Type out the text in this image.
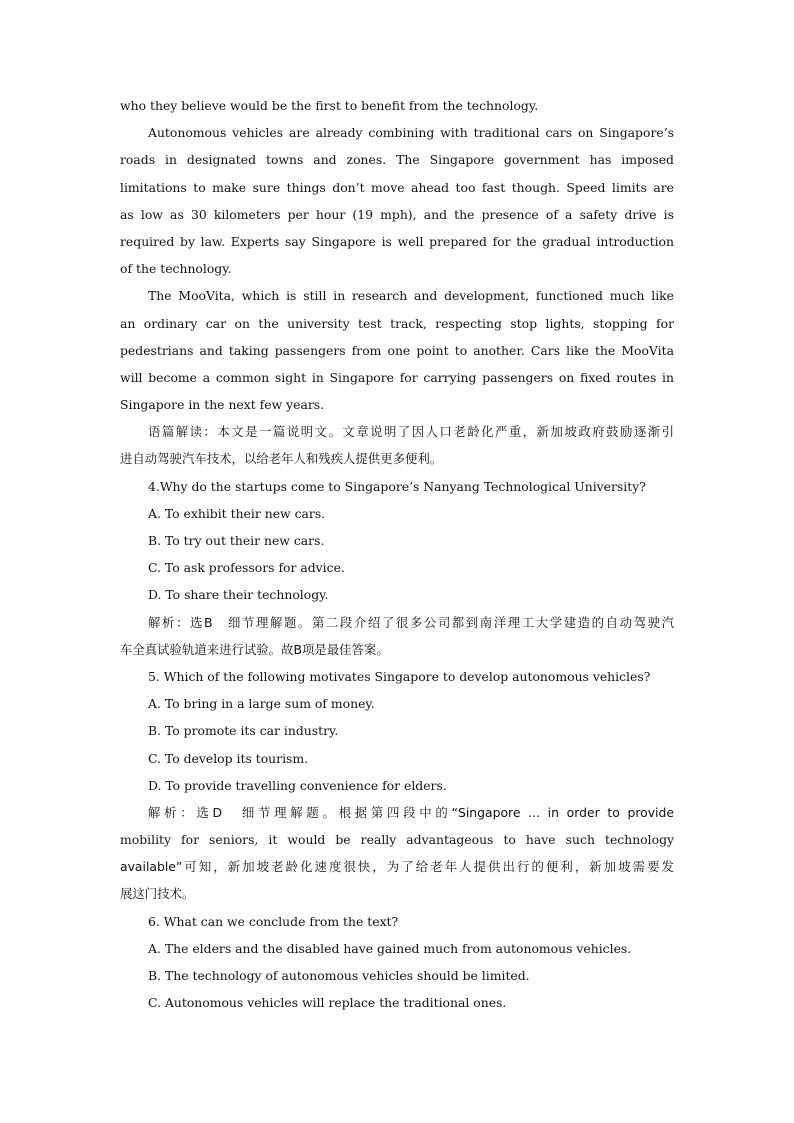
who they believe would be the first to benefit from the technology.
Autonomous vehicles are already combining with traditional cars on Singapore’s
roads in designated towns and zones. The Singapore government has imposed
limitations to make sure things don’t move ahead too fast though. Speed limits are
as low as 30 kilometers per hour (19 mph), and the presence of a safety drive is
required by law. Experts say Singapore is well prepared for the gradual introduction
of the technology.
The MooVita, which is still in research and development, functioned much like
an ordinary car on the university test track, respecting stop lights, stopping for
pedestrians and taking passengers from one point to another. Cars like the MooVita
will become a common sight in Singapore for carrying passengers on fixed routes in
Singapore in the next few years.
语篇解读：本文是一篇说明文。文章说明了因人口老龄化严重，新加坡政府鼓励逐渐引
进自动驾驶汽车技术，以给老年人和残疾人提供更多便利。
4.Why do the startups come to Singapore’s Nanyang Technological University?
A. To exhibit their new cars.
B. To try out their new cars.
C. To ask professors for advice.
D. To share their technology.
解析：选B　细节理解题。第二段介绍了很多公司都到南洋理工大学建造的自动驾驶汽
车全真试验轨道来进行试验。故B项是最佳答案。
5. Which of the following motivates Singapore to develop autonomous vehicles?
A. To bring in a large sum of money.
B. To promote its car industry.
C. To develop its tourism.
D. To provide travelling convenience for elders.
解析：选D　细节理解题。根据第四段中的“Singapore ... in order to provide
mobility for seniors, it would be really advantageous to have such technology
available”可知，新加坡老龄化速度很快，为了给老年人提供出行的便利，新加坡需要发
展这门技术。
6. What can we conclude from the text?
A. The elders and the disabled have gained much from autonomous vehicles.
B. The technology of autonomous vehicles should be limited.
C. Autonomous vehicles will replace the traditional ones.
